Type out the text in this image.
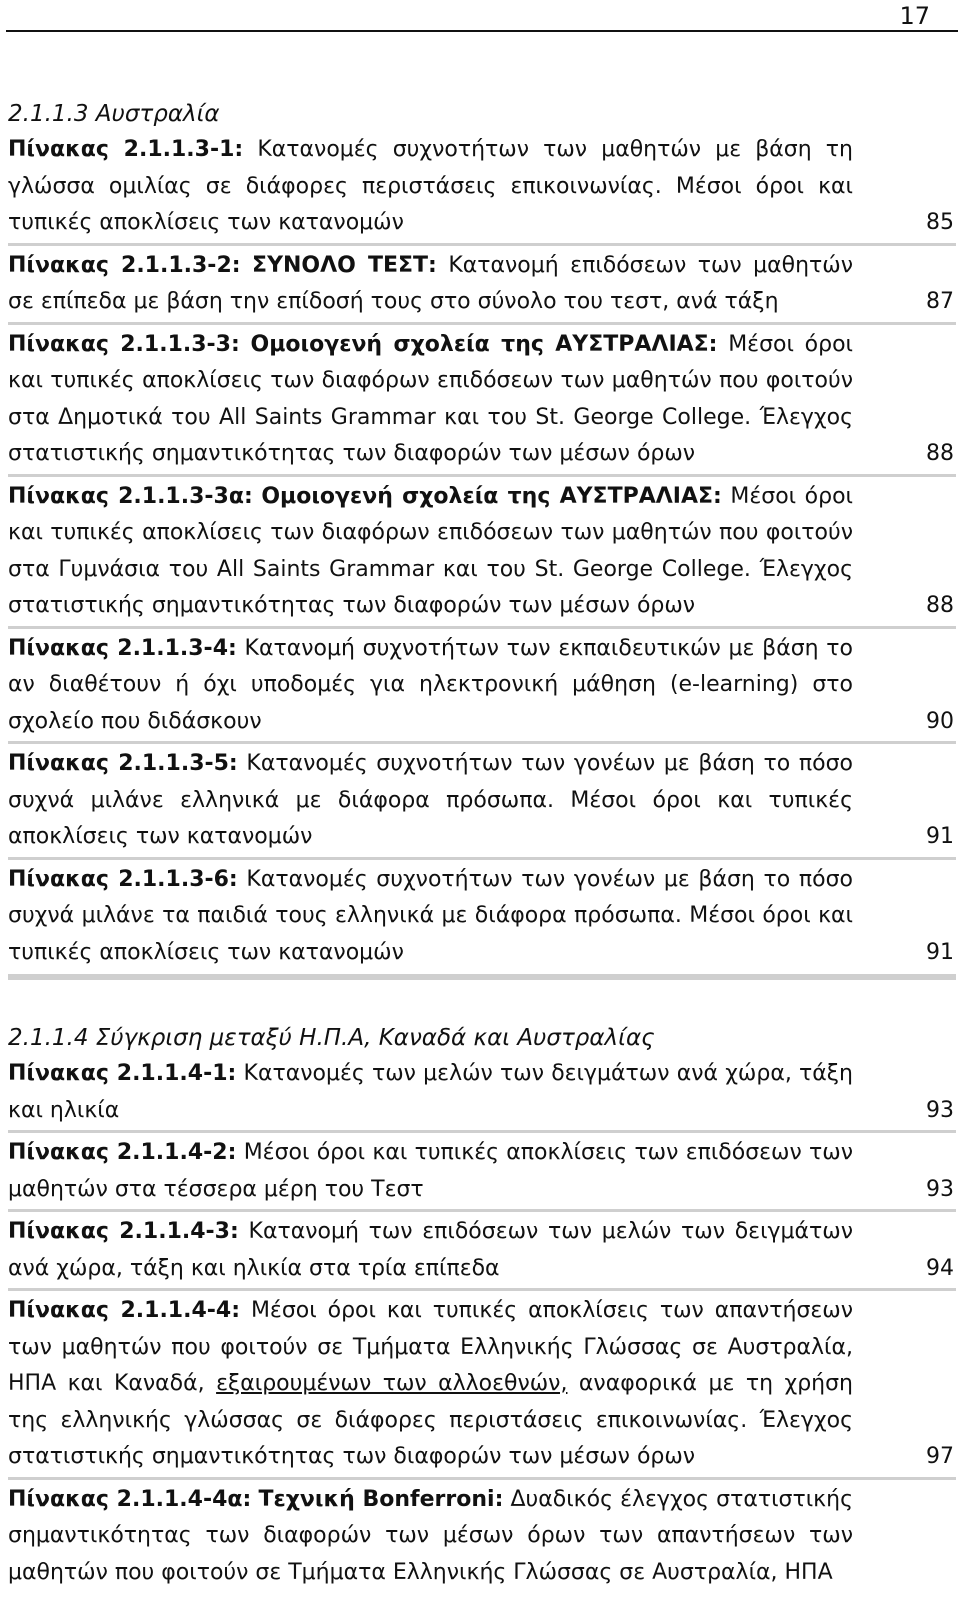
17
2.1.1.3 Αυστραλία
Πίνακας 2.1.1.3-1: Κατανομές συχνοτήτων των μαθητών με βάση τη γλώσσα ομιλίας σε διάφορες περιστάσεις επικοινωνίας. Μέσοι όροι και τυπικές αποκλίσεις των κατανομών	85
Πίνακας 2.1.1.3-2: ΣΥΝΟΛΟ ΤΕΣΤ: Κατανομή επιδόσεων των μαθητών σε επίπεδα με βάση την επίδοσή τους στο σύνολο του τεστ, ανά τάξη	87
Πίνακας 2.1.1.3-3: Ομοιογενή σχολεία της ΑΥΣΤΡΑΛΙΑΣ: Μέσοι όροι και τυπικές αποκλίσεις των διαφόρων επιδόσεων των μαθητών που φοιτούν στα Δημοτικά του All Saints Grammar και του St. George College. Έλεγχος στατιστικής σημαντικότητας των διαφορών των μέσων όρων	88
Πίνακας 2.1.1.3-3α: Ομοιογενή σχολεία της ΑΥΣΤΡΑΛΙΑΣ: Μέσοι όροι και τυπικές αποκλίσεις των διαφόρων επιδόσεων των μαθητών που φοιτούν στα Γυμνάσια του All Saints Grammar και του St. George College. Έλεγχος στατιστικής σημαντικότητας των διαφορών των μέσων όρων	88
Πίνακας 2.1.1.3-4: Κατανομή συχνοτήτων των εκπαιδευτικών με βάση το αν διαθέτουν ή όχι υποδομές για ηλεκτρονική μάθηση (e-learning) στο σχολείο που διδάσκουν	90
Πίνακας 2.1.1.3-5: Κατανομές συχνοτήτων των γονέων με βάση το πόσο συχνά μιλάνε ελληνικά με διάφορα πρόσωπα. Μέσοι όροι και τυπικές αποκλίσεις των κατανομών	91
Πίνακας 2.1.1.3-6: Κατανομές συχνοτήτων των γονέων με βάση το πόσο συχνά μιλάνε τα παιδιά τους ελληνικά με διάφορα πρόσωπα. Μέσοι όροι και τυπικές αποκλίσεις των κατανομών	91
2.1.1.4 Σύγκριση μεταξύ Η.Π.Α, Καναδά και Αυστραλίας
Πίνακας 2.1.1.4-1: Κατανομές των μελών των δειγμάτων ανά χώρα, τάξη και ηλικία	93
Πίνακας 2.1.1.4-2: Μέσοι όροι και τυπικές αποκλίσεις των επιδόσεων των μαθητών στα τέσσερα μέρη του Τεστ	93
Πίνακας 2.1.1.4-3: Κατανομή των επιδόσεων των μελών των δειγμάτων ανά χώρα, τάξη και ηλικία στα τρία επίπεδα	94
Πίνακας 2.1.1.4-4: Μέσοι όροι και τυπικές αποκλίσεις των απαντήσεων των μαθητών που φοιτούν σε Τμήματα Ελληνικής Γλώσσας σε Αυστραλία, ΗΠΑ και Καναδά, εξαιρουμένων των αλλοεθνών, αναφορικά με τη χρήση της ελληνικής γλώσσας σε διάφορες περιστάσεις επικοινωνίας. Έλεγχος στατιστικής σημαντικότητας των διαφορών των μέσων όρων	97
Πίνακας 2.1.1.4-4α: Τεχνική Bonferroni: Δυαδικός έλεγχος στατιστικής σημαντικότητας των διαφορών των μέσων όρων των απαντήσεων των μαθητών που φοιτούν σε Τμήματα Ελληνικής Γλώσσας σε Αυστραλία, ΗΠΑ
